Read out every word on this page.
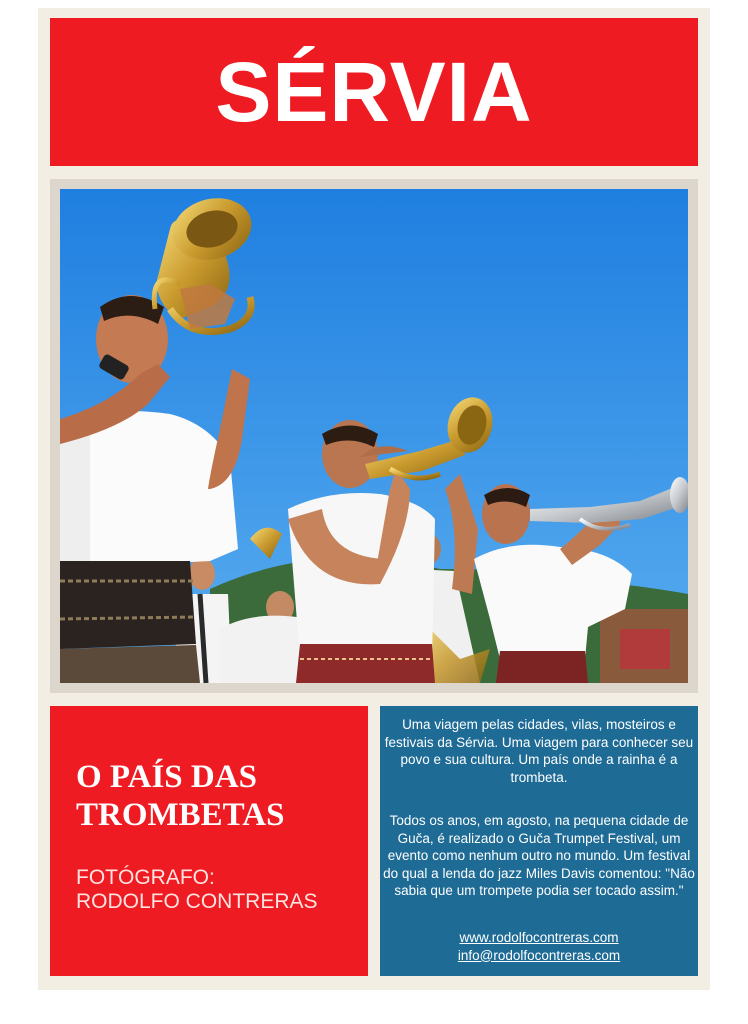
SÉRVIA
O PAÍS DAS
TROMBETAS
FOTÓGRAFO:
RODOLFO CONTRERAS

Uma viagem pelas cidades, vilas, mosteiros e festivais da Sérvia. Uma viagem para conhecer seu povo e sua cultura. Um país onde a rainha é a trombeta.

Todos os anos, em agosto, na pequena cidade de Guča, é realizado o Guča Trumpet Festival, um evento como nenhum outro no mundo. Um festival do qual a lenda do jazz Miles Davis comentou: "Não sabia que um trompete podia ser tocado assim."

www.rodolfocontreras.com
info@rodolfocontreras.com
